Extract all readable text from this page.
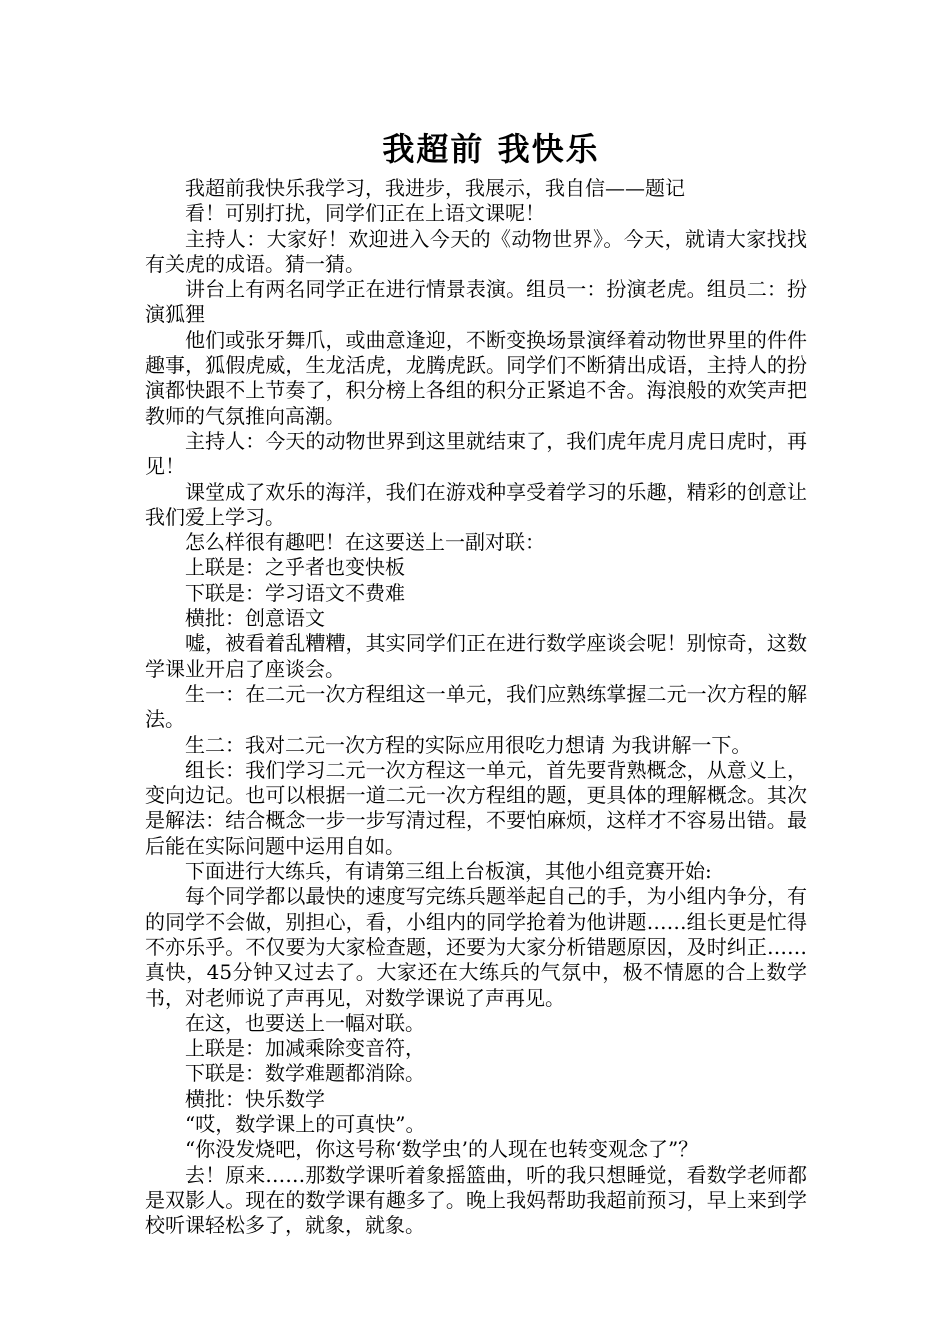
我超前 我快乐

我超前我快乐我学习，我进步，我展示，我自信——题记

看！可别打扰，同学们正在上语文课呢！

主持人：大家好！欢迎进入今天的《动物世界》。今天，就请大家找找有关虎的成语。猜一猜。

讲台上有两名同学正在进行情景表演。组员一：扮演老虎。组员二：扮演狐狸

他们或张牙舞爪，或曲意逢迎，不断变换场景演绎着动物世界里的件件趣事，狐假虎威，生龙活虎，龙腾虎跃。同学们不断猜出成语，主持人的扮演都快跟不上节奏了，积分榜上各组的积分正紧追不舍。海浪般的欢笑声把教师的气氛推向高潮。

主持人：今天的动物世界到这里就结束了，我们虎年虎月虎日虎时，再见！

课堂成了欢乐的海洋，我们在游戏种享受着学习的乐趣，精彩的创意让我们爱上学习。

怎么样很有趣吧！在这要送上一副对联：

上联是：之乎者也变快板

下联是：学习语文不费难

横批：创意语文

嘘，被看着乱糟糟，其实同学们正在进行数学座谈会呢！别惊奇，这数学课业开启了座谈会。

生一：在二元一次方程组这一单元，我们应熟练掌握二元一次方程的解法。

生二：我对二元一次方程的实际应用很吃力想请 为我讲解一下。

组长：我们学习二元一次方程这一单元，首先要背熟概念，从意义上，变向边记。也可以根据一道二元一次方程组的题，更具体的理解概念。其次是解法：结合概念一步一步写清过程，不要怕麻烦，这样才不容易出错。最后能在实际问题中运用自如。

下面进行大练兵，有请第三组上台板演，其他小组竞赛开始:

每个同学都以最快的速度写完练兵题举起自己的手，为小组内争分，有的同学不会做，别担心，看，小组内的同学抢着为他讲题……组长更是忙得不亦乐乎。不仅要为大家检查题，还要为大家分析错题原因，及时纠正……真快，45分钟又过去了。大家还在大练兵的气氛中，极不情愿的合上数学书，对老师说了声再见，对数学课说了声再见。

在这，也要送上一幅对联。

上联是：加减乘除变音符，

下联是：数学难题都消除。

横批：快乐数学

“哎，数学课上的可真快”。

“你没发烧吧，你这号称‘数学虫’的人现在也转变观念了”？

去！原来……那数学课听着象摇篮曲，听的我只想睡觉，看数学老师都是双影人。现在的数学课有趣多了。晚上我妈帮助我超前预习，早上来到学校听课轻松多了，就象，就象。
